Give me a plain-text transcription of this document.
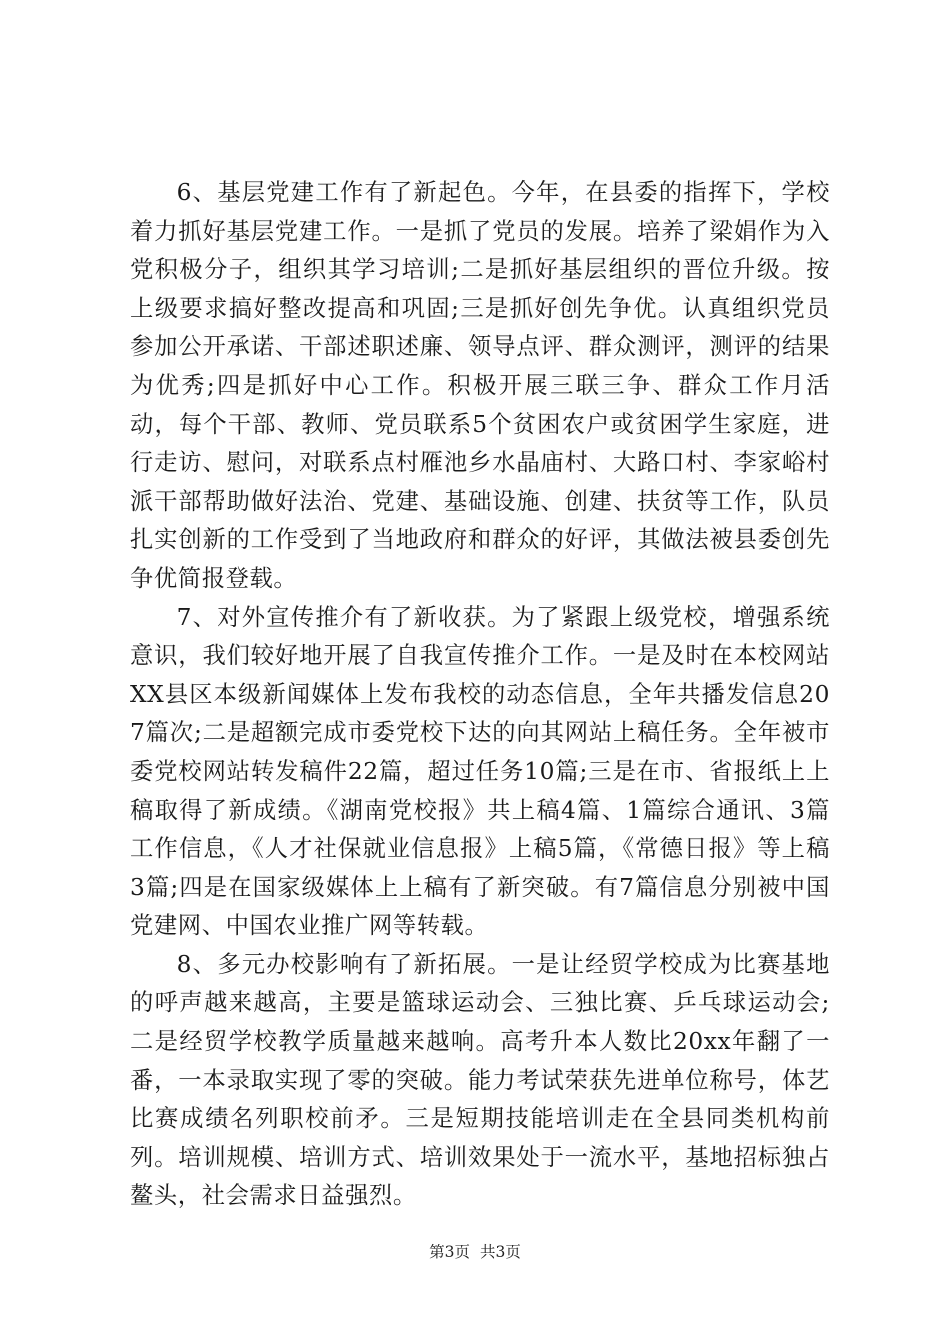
6、基层党建工作有了新起色。今年，在县委的指挥下，学校着力抓好基层党建工作。一是抓了党员的发展。培养了梁娟作为入党积极分子，组织其学习培训;二是抓好基层组织的晋位升级。按上级要求搞好整改提高和巩固;三是抓好创先争优。认真组织党员参加公开承诺、干部述职述廉、领导点评、群众测评，测评的结果为优秀;四是抓好中心工作。积极开展三联三争、群众工作月活动，每个干部、教师、党员联系5个贫困农户或贫困学生家庭，进行走访、慰问，对联系点村雁池乡水晶庙村、大路口村、李家峪村派干部帮助做好法治、党建、基础设施、创建、扶贫等工作，队员扎实创新的工作受到了当地政府和群众的好评，其做法被县委创先争优简报登载。

7、对外宣传推介有了新收获。为了紧跟上级党校，增强系统意识，我们较好地开展了自我宣传推介工作。一是及时在本校网站XX县区本级新闻媒体上发布我校的动态信息，全年共播发信息207篇次;二是超额完成市委党校下达的向其网站上稿任务。全年被市委党校网站转发稿件22篇，超过任务10篇;三是在市、省报纸上上稿取得了新成绩。《湖南党校报》共上稿4篇、1篇综合通讯、3篇工作信息，《人才社保就业信息报》上稿5篇，《常德日报》等上稿3篇;四是在国家级媒体上上稿有了新突破。有7篇信息分别被中国党建网、中国农业推广网等转载。

8、多元办校影响有了新拓展。一是让经贸学校成为比赛基地的呼声越来越高，主要是篮球运动会、三独比赛、乒乓球运动会;二是经贸学校教学质量越来越响。高考升本人数比20xx年翻了一番，一本录取实现了零的突破。能力考试荣获先进单位称号，体艺比赛成绩名列职校前矛。三是短期技能培训走在全县同类机构前列。培训规模、培训方式、培训效果处于一流水平，基地招标独占鳌头，社会需求日益强烈。

第3页 共3页
